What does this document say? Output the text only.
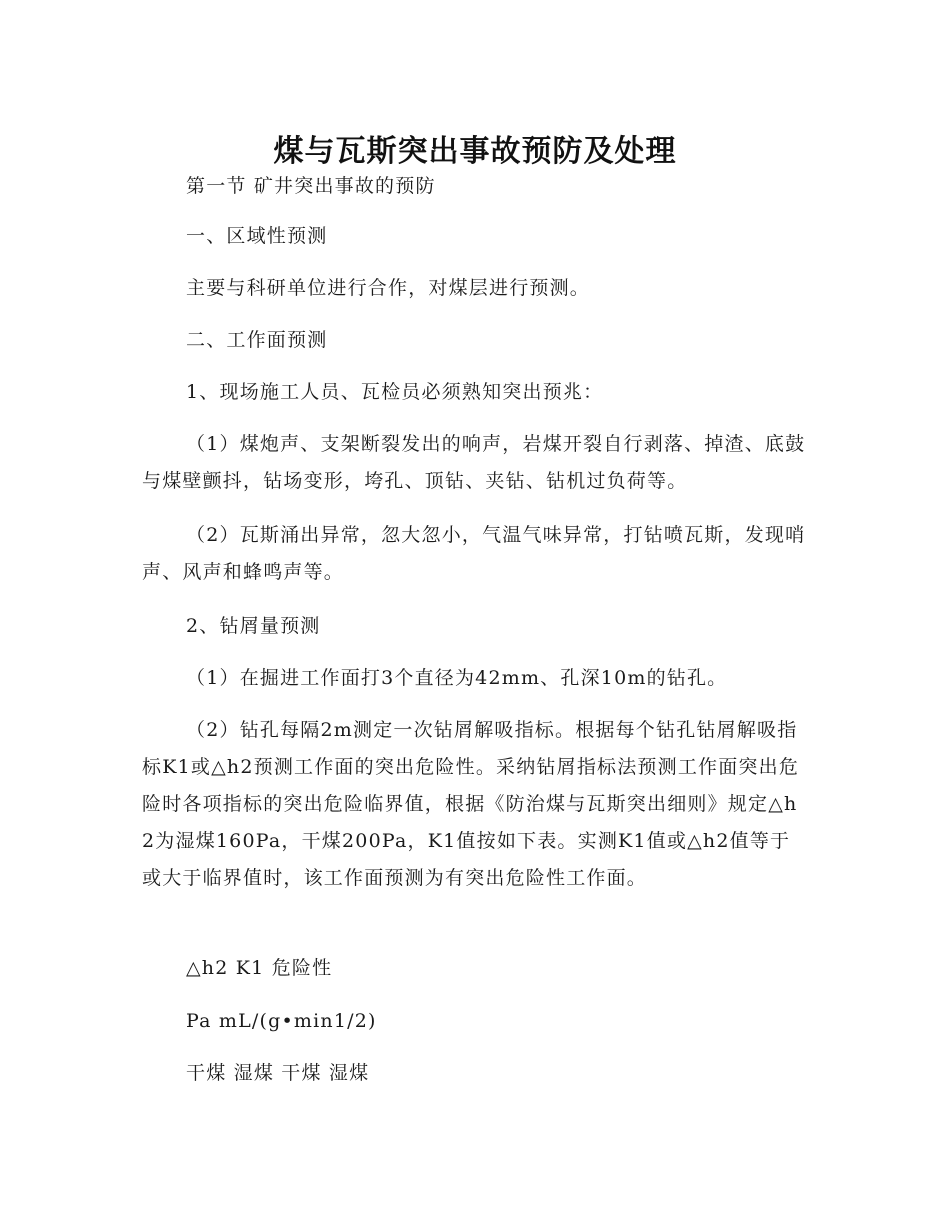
煤与瓦斯突出事故预防及处理

第一节 矿井突出事故的预防

一、区域性预测

主要与科研单位进行合作，对煤层进行预测。

二、工作面预测

1、现场施工人员、瓦检员必须熟知突出预兆：

（1）煤炮声、支架断裂发出的响声，岩煤开裂自行剥落、掉渣、底鼓与煤壁颤抖，钻场变形，垮孔、顶钻、夹钻、钻机过负荷等。

（2）瓦斯涌出异常，忽大忽小，气温气味异常，打钻喷瓦斯，发现哨声、风声和蜂鸣声等。

2、钻屑量预测

（1）在掘进工作面打3个直径为42mm、孔深10m的钻孔。

（2）钻孔每隔2m测定一次钻屑解吸指标。根据每个钻孔钻屑解吸指标K1或△h2预测工作面的突出危险性。采纳钻屑指标法预测工作面突出危险时各项指标的突出危险临界值，根据《防治煤与瓦斯突出细则》规定△h2为湿煤160Pa，干煤200Pa，K1值按如下表。实测K1值或△h2值等于或大于临界值时，该工作面预测为有突出危险性工作面。

△h2 K1 危险性

Pa mL/(g•min1/2)

干煤 湿煤 干煤 湿煤
